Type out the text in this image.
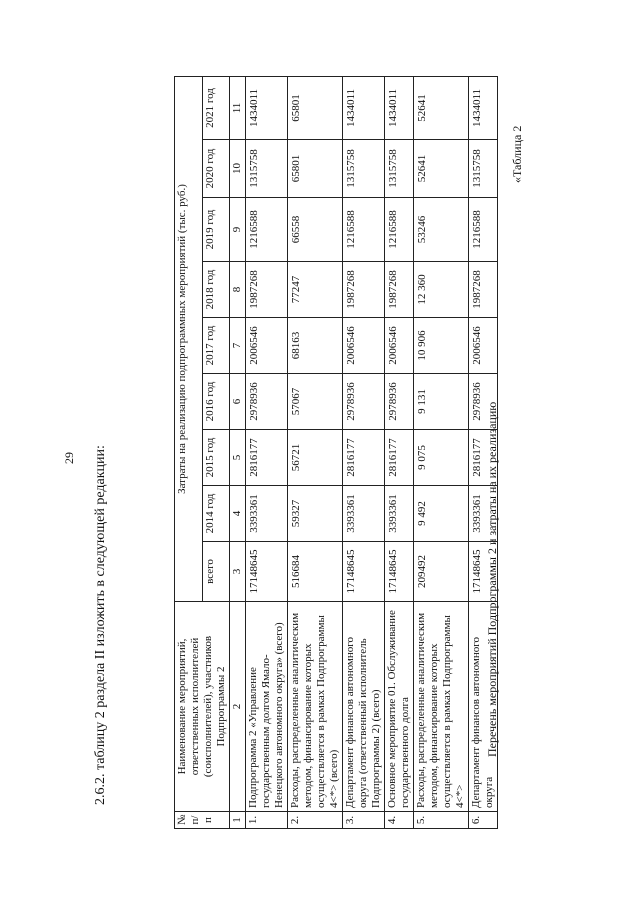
29 2.6.2. таблицу 2 раздела II изложить в следующей редакции:
«Таблица 2
Перечень мероприятий Подпрограммы 2 и затраты на их реализацию
№ п/п	Наименование мероприятий, ответственных исполнителей (соисполнителей), участников Подпрограммы 2	Затраты на реализацию подпрограммных мероприятий (тыс. руб.)								
		всего	2014 год	2015 год	2016 год	2017 год	2018 год	2019 год	2020 год	2021 год
1	2	3	4	5	6	7	8	9	10	11
1.	Подпрограмма 2 «Управление государственным долгом Ямало-Ненецкого автономного округа» (всего)	17148645	3393361	2816177	2978936	2006546	1987268	1216588	1315758	1434011
2.	Расходы, распределенные аналитическим методом, финансирование которых осуществляется в рамках Подпрограммы 4<*> (всего)	516684	59327	56721	57067	68163	77247	66558	65801	65801
3.	Департамент финансов автономного округа (ответственный исполнитель Подпрограммы 2) (всего)	17148645	3393361	2816177	2978936	2006546	1987268	1216588	1315758	1434011
4.	Основное мероприятие 01. Обслуживание государственного долга	17148645	3393361	2816177	2978936	2006546	1987268	1216588	1315758	1434011
5.	Расходы, распределенные аналитическим методом, финансирование которых осуществляется в рамках Подпрограммы 4<*>	209492	9 492	9 075	9 131	10 906	12 360	53246	52641	52641
6.	Департамент финансов автономного округа	17148645	3393361	2816177	2978936	2006546	1987268	1216588	1315758	1434011
